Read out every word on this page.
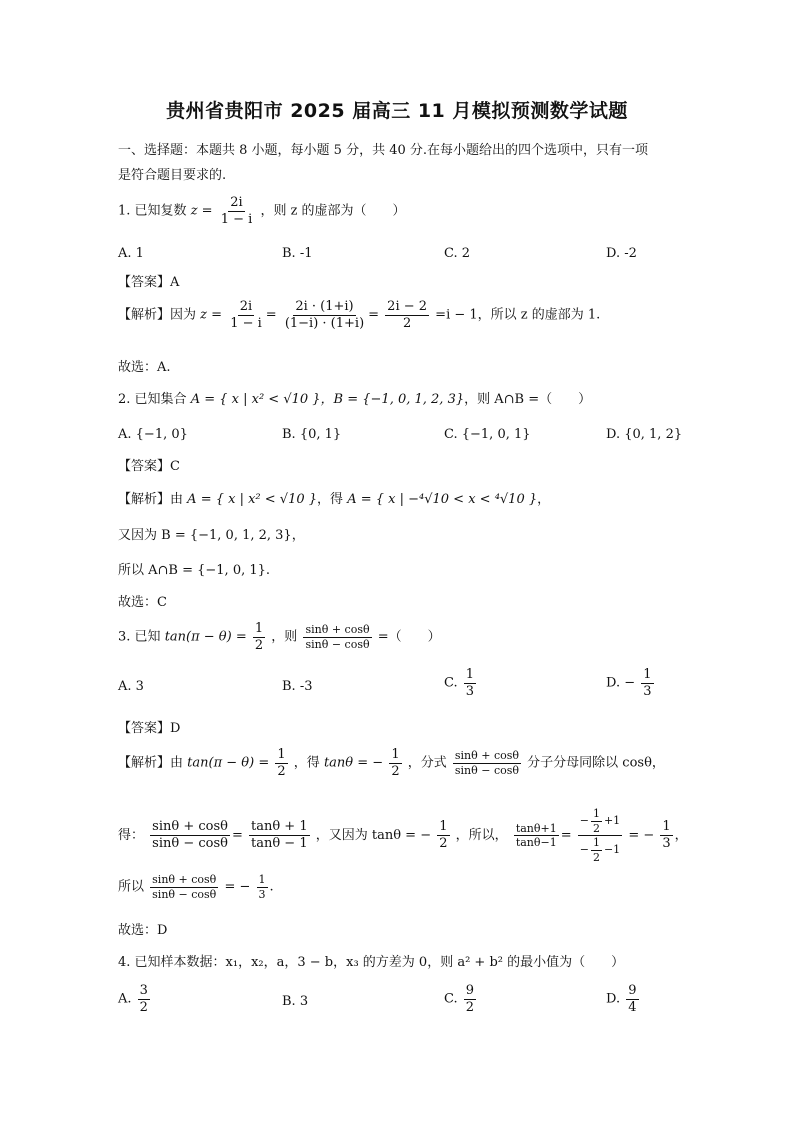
贵州省贵阳市 2025 届高三 11 月模拟预测数学试题
一、选择题：本题共 8 小题，每小题 5 分，共 40 分.在每小题给出的四个选项中，只有一项
是符合题目要求的.
1. 已知复数 $z = \frac{2i}{1 - i}$ ，则 z 的虚部为（　　）
A. 1	B. -1	C. 2	D. -2
【答案】A
【解析】因为 $z = \frac{2i}{1 - i} = \frac{2i \cdot (1+i)}{(1-i) \cdot (1+i)} = \frac{2i - 2}{2} =i - 1$，所以 z 的虚部为 1.
故选：A.
2. 已知集合 A = { x | x² < √10 }，B = {−1, 0, 1, 2, 3}，则 A∩B =（　　）
A. {−1, 0}	B. {0, 1}	C. {−1, 0, 1}	D. {0, 1, 2}
【答案】C
【解析】由 A = { x | x² < √10 }，得 A = { x | −⁴√10 < x < ⁴√10 }，
又因为 B = {−1, 0, 1, 2, 3}，
所以 A∩B = {−1, 0, 1}.
故选：C
3. 已知 $\tan(\pi - \theta) = \frac{1}{2}$ ，则 $\frac{\sin\theta + \cos\theta}{\sin\theta - \cos\theta}$ =（　　）
A. 3	B. -3	C. $\frac{1}{3}$	D. − $\frac{1}{3}$
【答案】D
【解析】由 $\tan(\pi - \theta) = \frac{1}{2}$ ，得 tanθ = − $\frac{1}{2}$ ，分式 $\frac{\sin\theta + \cos\theta}{\sin\theta - \cos\theta}$ 分子分母同除以 cosθ，
得： $\frac{\sin\theta + \cos\theta}{\sin\theta - \cos\theta} = \frac{\tan\theta + 1}{\tan\theta - 1}$ ，又因为 tanθ = − $\frac{1}{2}$ ，所以， $\frac{\tan\theta+1}{\tan\theta-1} = \frac{- \frac{1}{2} +1}{- \frac{1}{2} -1}$ = − $\frac{1}{3}$ ，
所以 $\frac{\sin\theta + \cos\theta}{\sin\theta - \cos\theta}$ = − $\frac{1}{3}$ .
故选：D
4. 已知样本数据：x₁，x₂，a，3 − b，x₃ 的方差为 0，则 a² + b² 的最小值为（　　）
A. $\frac{3}{2}$	B. 3	C. $\frac{9}{2}$	D. $\frac{9}{4}$
